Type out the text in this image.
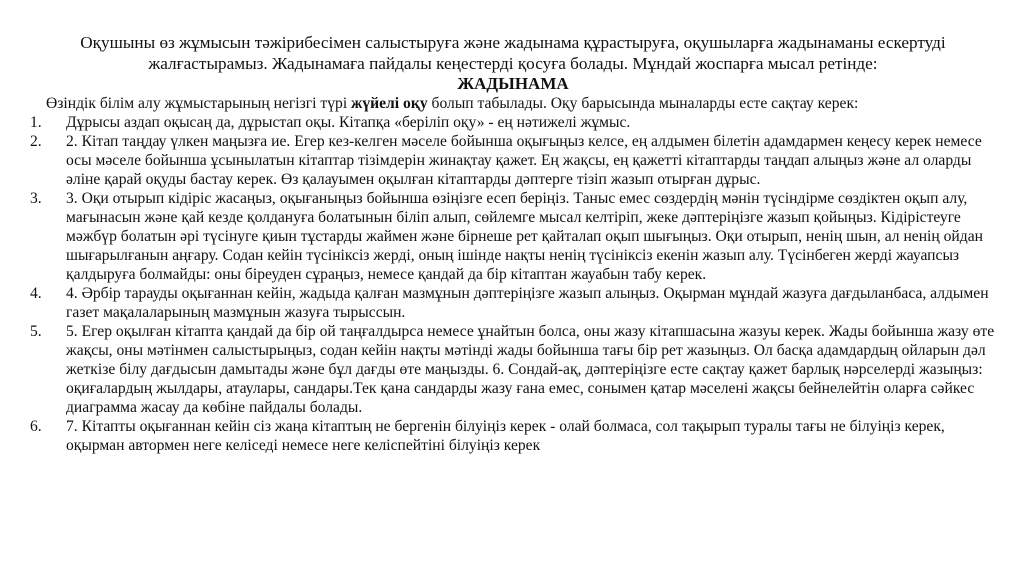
Оқушыны өз жұмысын тәжірибесімен салыстыруға және жадынама құрастыруға, оқушыларға жадынаманы ескертуді жалғастырамыз. Жадынамаға пайдалы кеңестерді қосуға болады. Мұндай жоспарға мысал ретінде:

ЖАДЫНАМА

Өзіндік білім алу жұмыстарының негізгі түрі жүйелі оқу болып табылады. Оқу барысында мыналарды есте сақтау керек:

1.	Дұрысы аздап оқысаң да, дұрыстап оқы. Кітапқа «беріліп оқу» - ең нәтижелі жұмыс.
2.	2. Кітап таңдау үлкен маңызға ие. Егер кез-келген мәселе бойынша оқығыңыз келсе, ең алдымен білетін адамдармен кеңесу керек немесе осы мәселе бойынша ұсынылатын кітаптар тізімдерін жинақтау қажет. Ең жақсы, ең қажетті кітаптарды таңдап алыңыз және ал оларды әліне қарай оқуды бастау керек. Өз қалауымен оқылған кітаптарды дәптерге тізіп жазып отырған дұрыс.
3.	3. Оқи отырып кідіріс жасаңыз, оқығаныңыз бойынша өзіңізге есеп беріңіз. Таныс емес сөздердің мәнін түсіндірме сөздіктен оқып алу, мағынасын және қай кезде қолдануға болатынын біліп алып, сөйлемге мысал келтіріп, жеке дәптеріңізге жазып қойыңыз. Кідірістеуге мәжбүр болатын әрі түсінуге қиын тұстарды жаймен және бірнеше рет қайталап оқып шығыңыз. Оқи отырып, ненің шын, ал ненің ойдан шығарылғанын аңғару. Содан кейін түсініксіз жерді, оның ішінде нақты ненің түсініксіз екенін жазып алу. Түсінбеген жерді жауапсыз қалдыруға болмайды: оны біреуден сұраңыз, немесе қандай да бір кітаптан жауабын табу керек.
4.	4. Әрбір тарауды оқығаннан кейін, жадыда қалған мазмұнын дәптеріңізге жазып алыңыз. Оқырман мұндай жазуға дағдыланбаса, алдымен газет мақалаларының мазмұнын жазуға тырыссын.
5.	5. Егер оқылған кітапта қандай да бір ой таңғалдырса немесе ұнайтын болса, оны жазу кітапшасына жазуы керек. Жады бойынша жазу өте жақсы, оны мәтінмен салыстырыңыз, содан кейін нақты мәтінді жады бойынша тағы бір рет жазыңыз. Ол басқа адамдардың ойларын дәл жеткізе білу дағдысын дамытады және бұл дағды өте маңызды. 6. Сондай-ақ, дәптеріңізге есте сақтау қажет барлық нәрселерді жазыңыз: оқиғалардың жылдары, атаулары, сандары.Тек қана сандарды жазу ғана емес, сонымен қатар мәселені жақсы бейнелейтін оларға сәйкес диаграмма жасау да көбіне пайдалы болады.
6.	7. Кітапты оқығаннан кейін сіз жаңа кітаптың не бергенін білуіңіз керек - олай болмаса, сол тақырып туралы тағы не білуіңіз керек, оқырман автормен неге келіседі немесе неге келіспейтіні білуіңіз керек
